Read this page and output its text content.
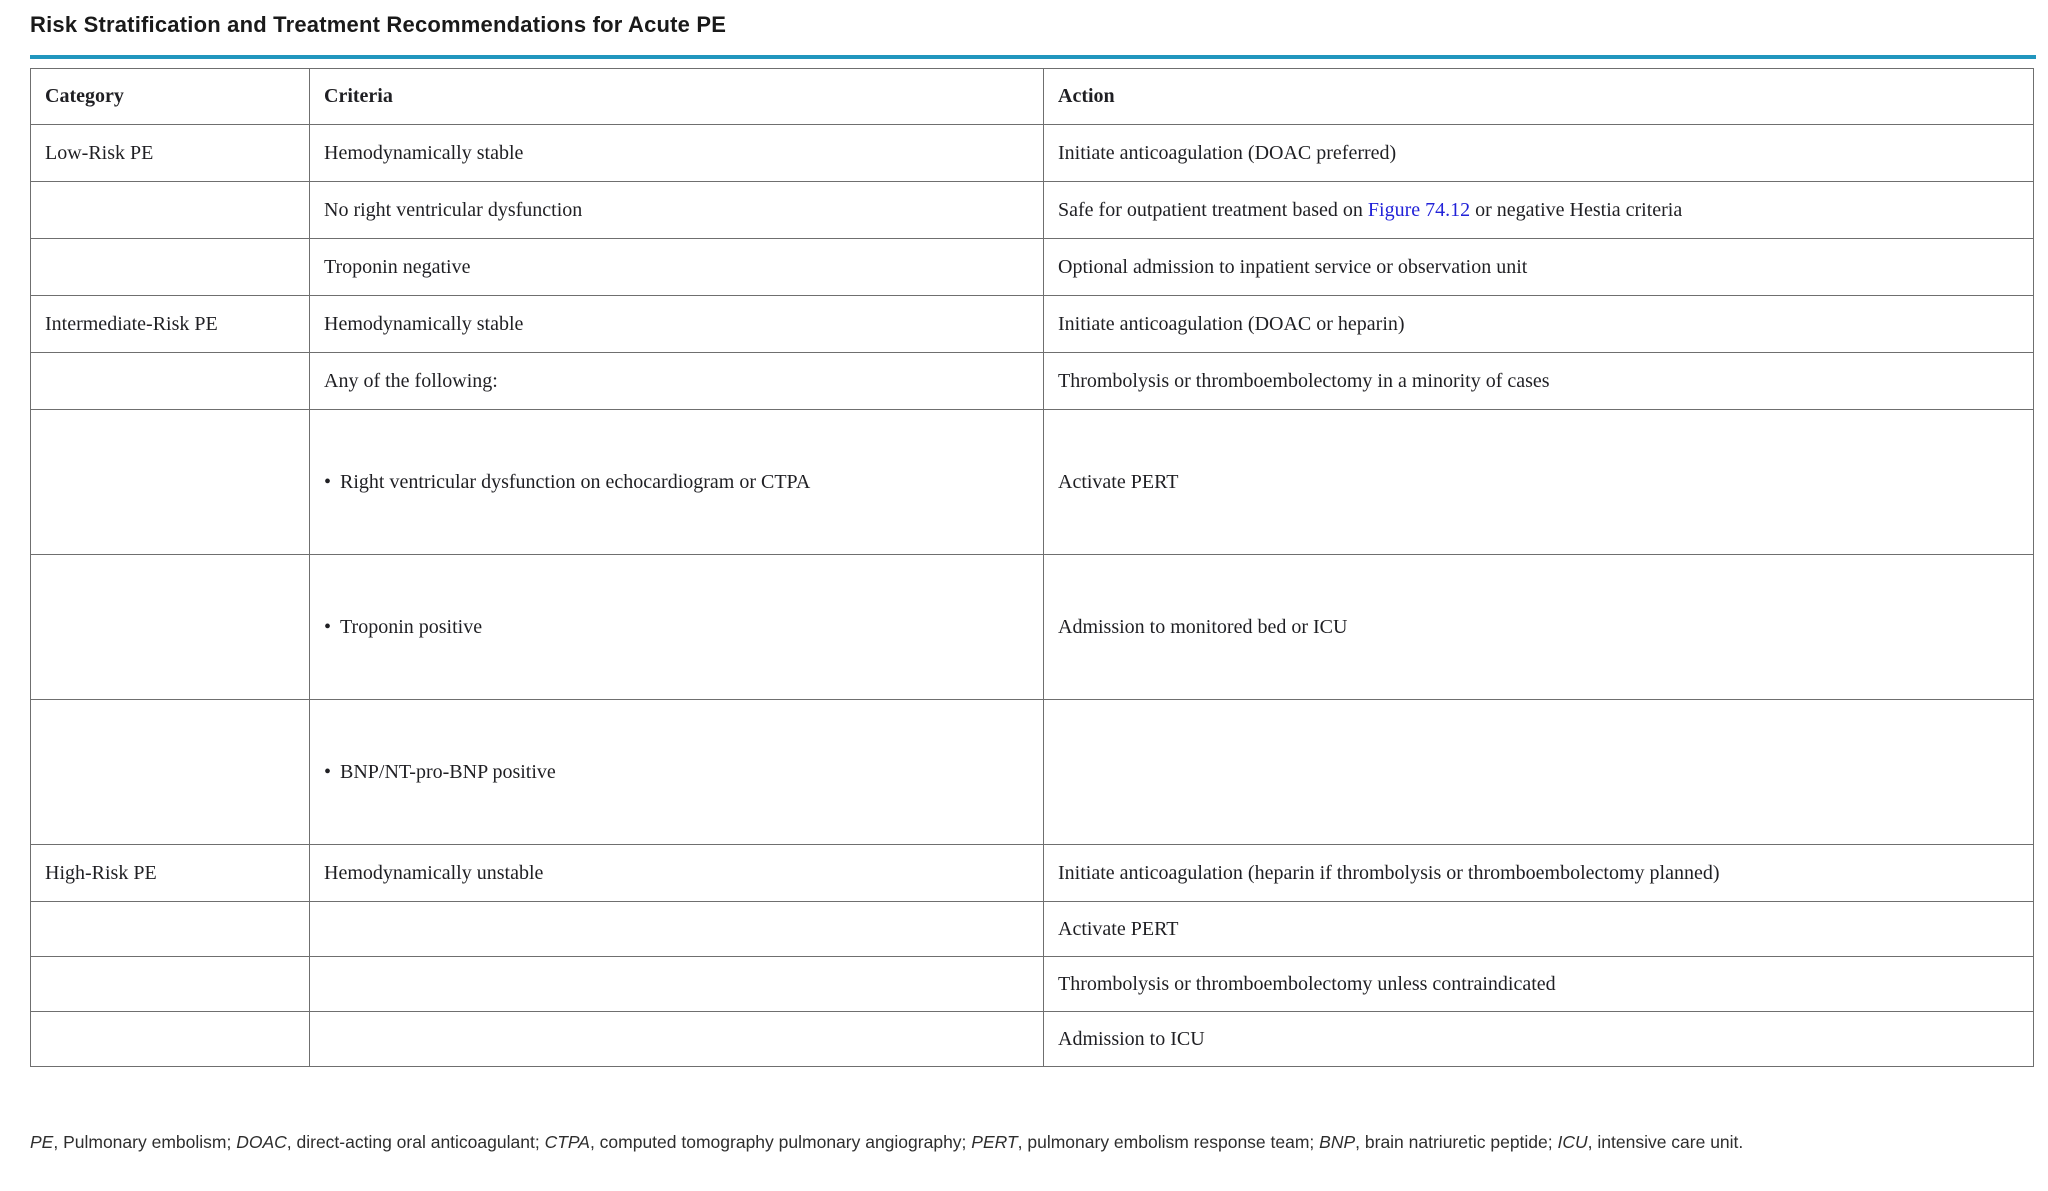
Risk Stratification and Treatment Recommendations for Acute PE
Category	Criteria	Action
Low-Risk PE	Hemodynamically stable	Initiate anticoagulation (DOAC preferred)
	No right ventricular dysfunction	Safe for outpatient treatment based on Figure 74.12 or negative Hestia criteria
	Troponin negative	Optional admission to inpatient service or observation unit
Intermediate-Risk PE	Hemodynamically stable	Initiate anticoagulation (DOAC or heparin)
	Any of the following:	Thrombolysis or thromboembolectomy in a minority of cases
	• Right ventricular dysfunction on echocardiogram or CTPA	Activate PERT
	• Troponin positive	Admission to monitored bed or ICU
	• BNP/NT-pro-BNP positive	
High-Risk PE	Hemodynamically unstable	Initiate anticoagulation (heparin if thrombolysis or thromboembolectomy planned)
		Activate PERT
		Thrombolysis or thromboembolectomy unless contraindicated
		Admission to ICU
PE, Pulmonary embolism; DOAC, direct-acting oral anticoagulant; CTPA, computed tomography pulmonary angiography; PERT, pulmonary embolism response team; BNP, brain natriuretic peptide; ICU, intensive care unit.
